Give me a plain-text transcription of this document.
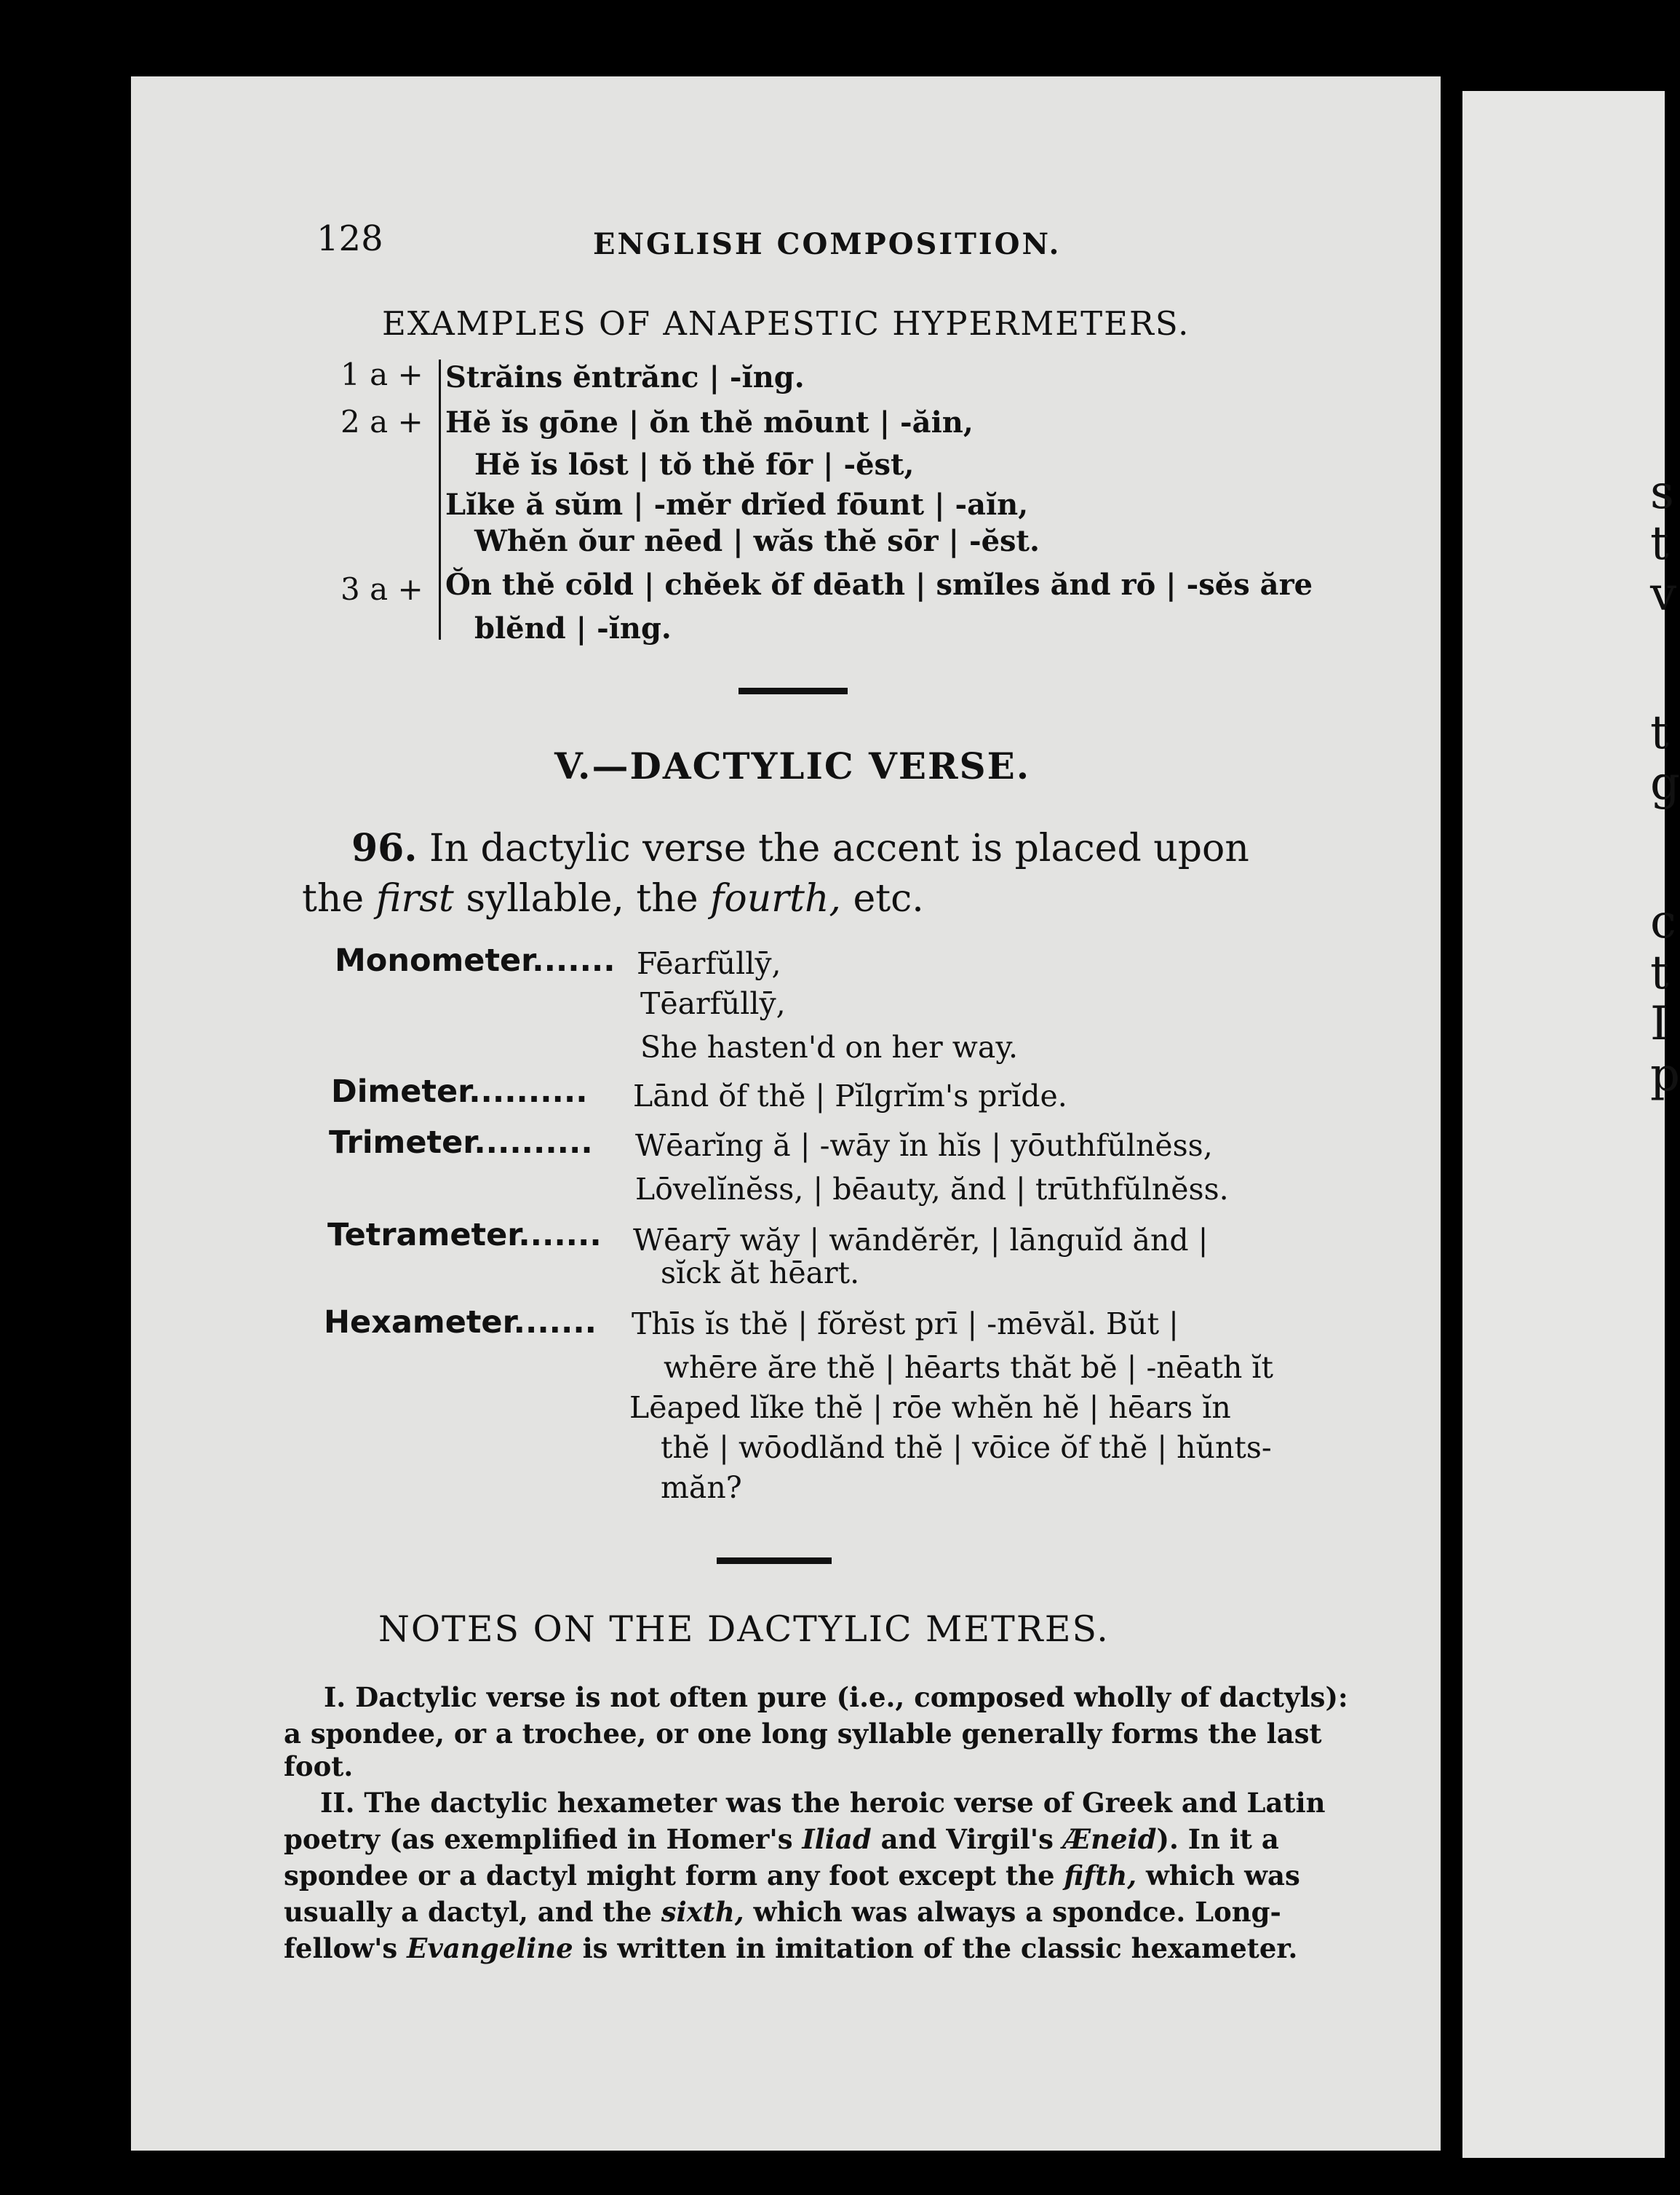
s
t
v
t
g
c
t
I
p
128	ENGLISH COMPOSITION.
EXAMPLES OF ANAPESTIC HYPERMETERS.
1 a +
2 a +
3 a +
Străins ĕntrănc | -ĭng.
Hĕ ĭs gōne | ŏn thĕ mōunt | -ăin,
Hĕ ĭs lōst | tŏ thĕ fōr | -ĕst,
Lĭke ă sŭm | -mĕr drĭed fōunt | -aĭn,
Whĕn ŏur nēed | wăs thĕ sōr | -ĕst.
Ŏn thĕ cōld | chĕek ŏf dēath | smĭles ănd rō | -sĕs ăre
blĕnd | -ĭng.
V.—DACTYLIC VERSE.
96. In dactylic verse the accent is placed upon
the first syllable, the fourth, etc.
Monometer....... Fēarfŭllȳ,
Tēarfŭllȳ,
She hasten'd on her way.
Dimeter.......... Lānd ŏf thĕ | Pĭlgrĭm's prĭde.
Trimeter.......... Wēarĭng ă | -wāy ĭn hĭs | yōuthfŭlnĕss,
Lōvelĭnĕss, | bēauty, ănd | trūthfŭlnĕss.
Tetrameter....... Wēarȳ wăy | wāndĕrĕr, | lānguĭd ănd |
sĭck ăt hēart.
Hexameter....... Thīs ĭs thĕ | fŏrĕst prī | -mēvăl. Bŭt |
whēre ăre thĕ | hēarts thăt bĕ | -nēath ĭt
Lēaped lĭke thĕ | rōe whĕn hĕ | hēars ĭn
thĕ | wōodlănd thĕ | vōice ŏf thĕ | hŭnts-
măn?
NOTES ON THE DACTYLIC METRES.
I. Dactylic verse is not often pure (i.e., composed wholly of dactyls):
a spondee, or a trochee, or one long syllable generally forms the last
foot.
II. The dactylic hexameter was the heroic verse of Greek and Latin
poetry (as exemplified in Homer's Iliad and Virgil's Æneid). In it a
spondee or a dactyl might form any foot except the fifth, which was
usually a dactyl, and the sixth, which was always a spondce. Long-
fellow's Evangeline is written in imitation of the classic hexameter.
